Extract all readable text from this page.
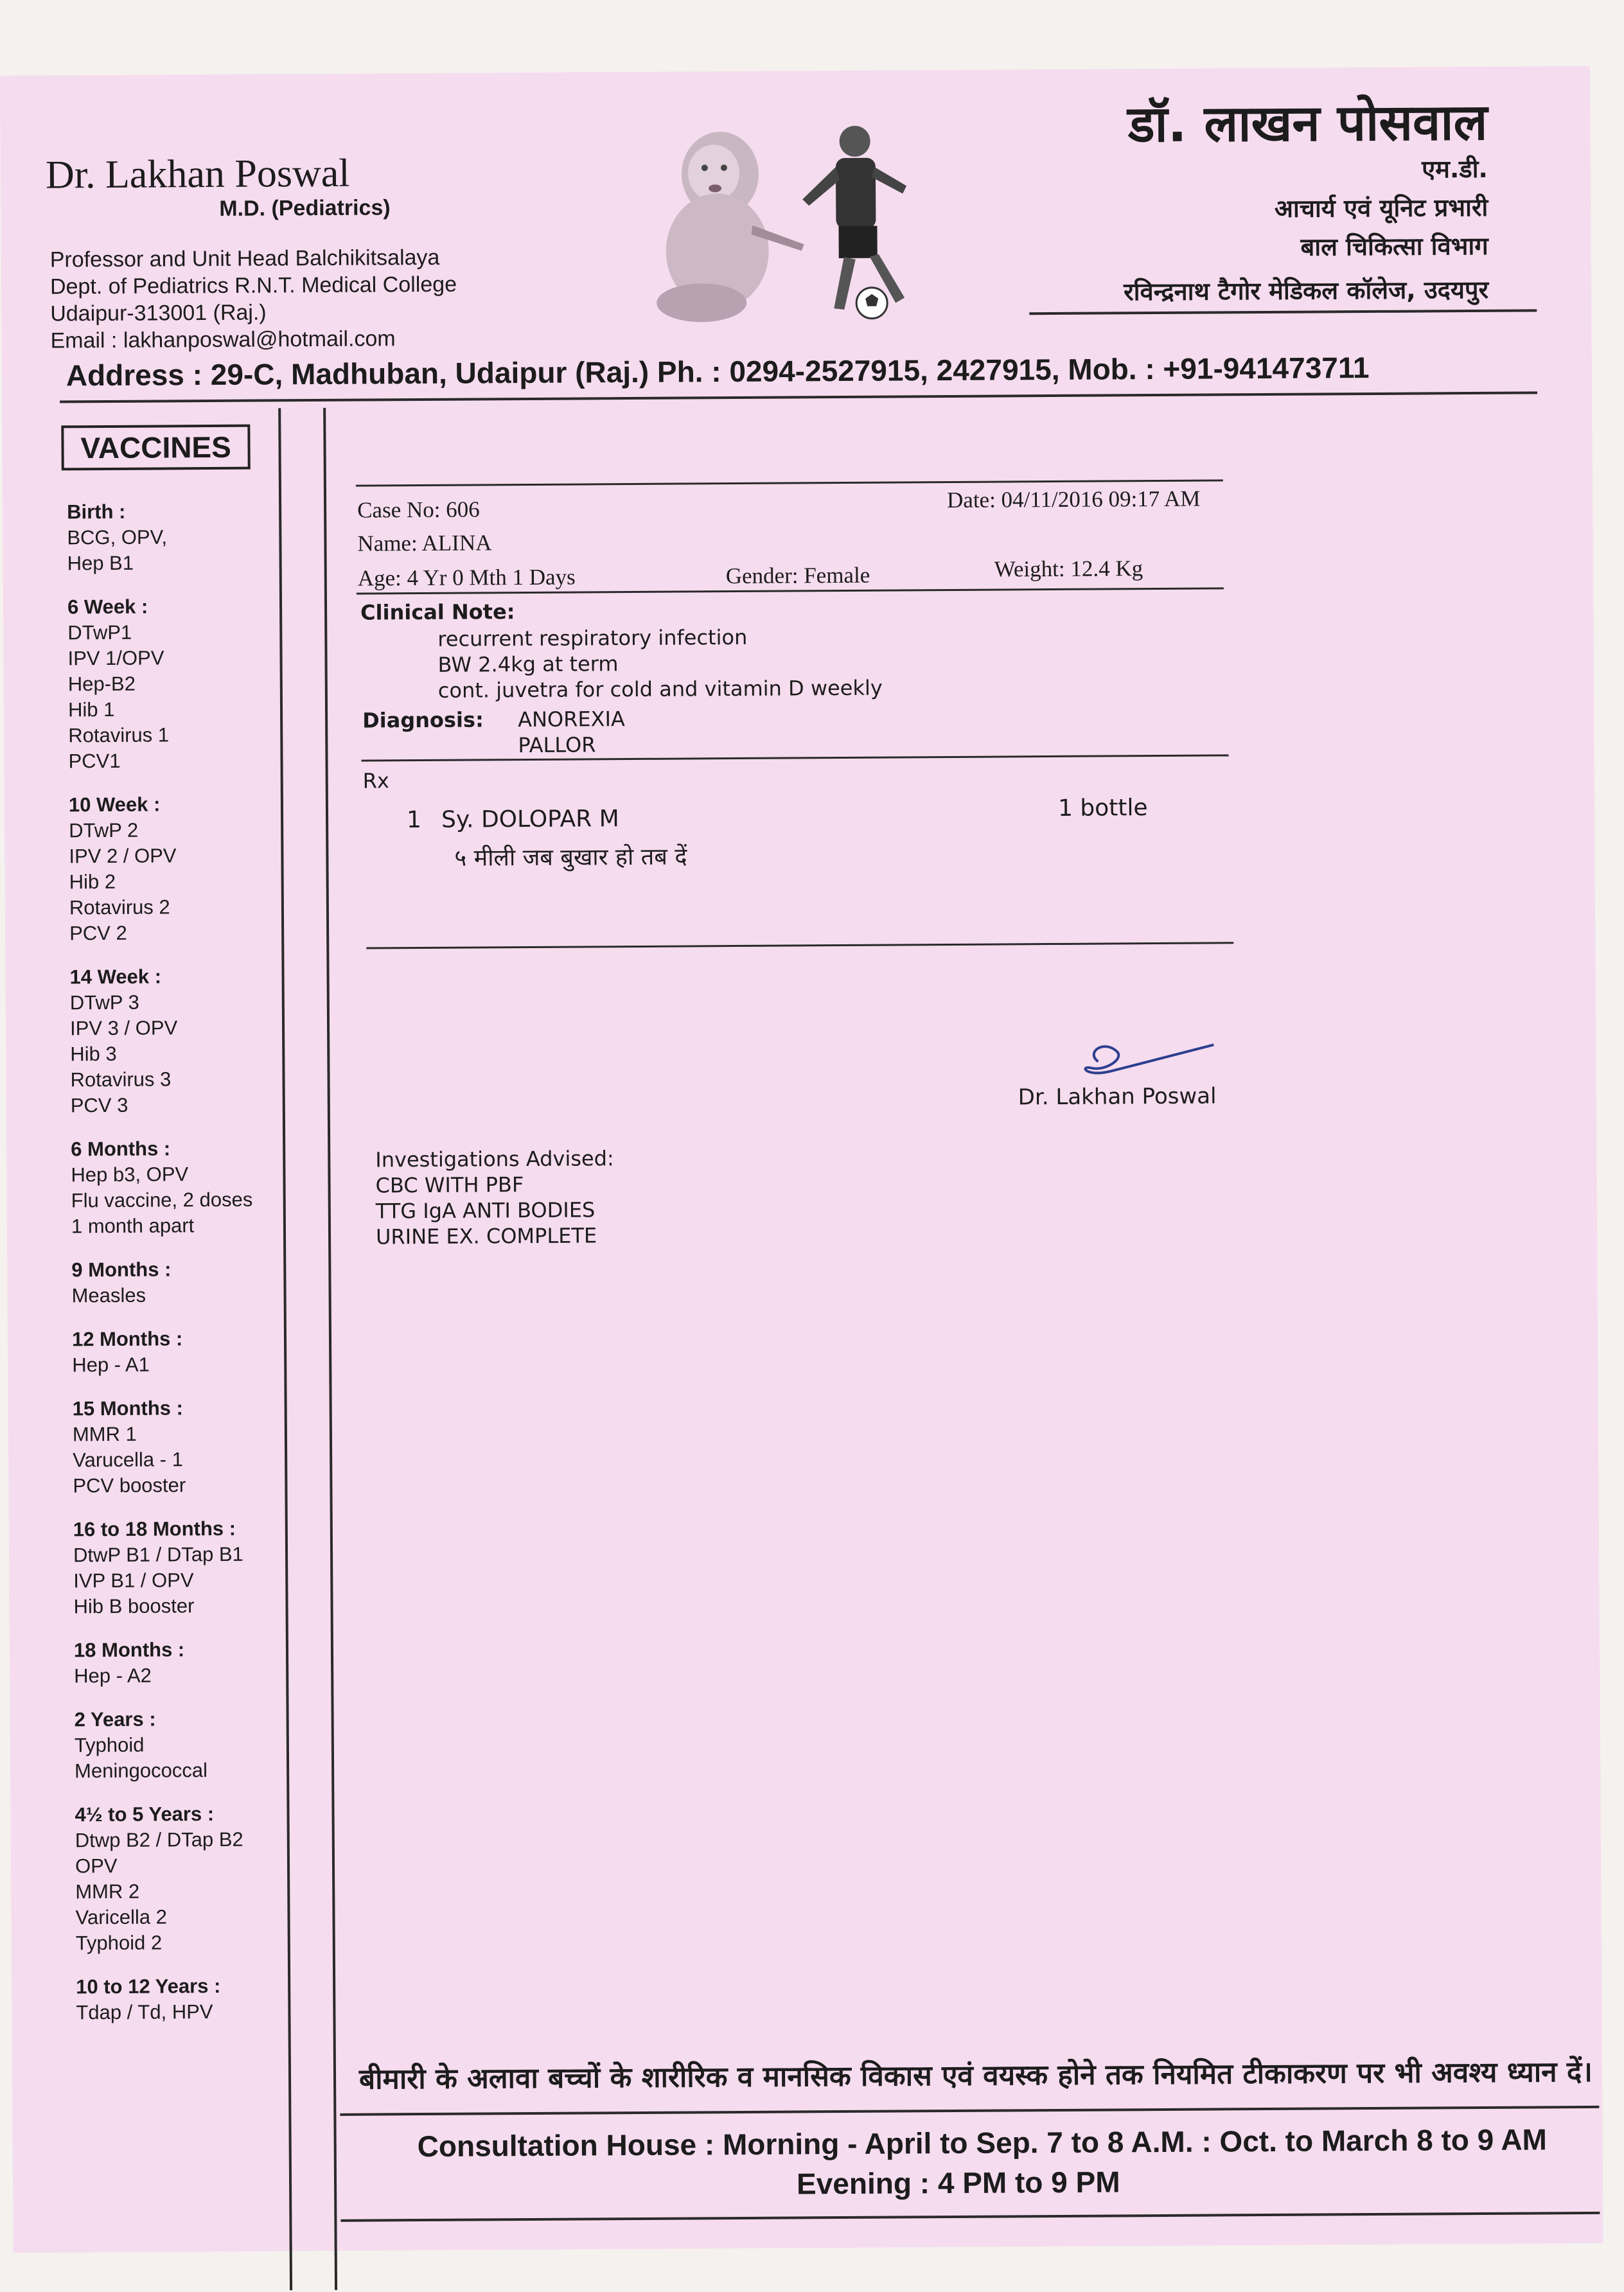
Dr. Lakhan Poswal
M.D. (Pediatrics)
Professor and Unit Head Balchikitsalaya
Dept. of Pediatrics R.N.T. Medical College
Udaipur-313001 (Raj.)
Email : lakhanposwal@hotmail.com
डॉ. लाखन पोसवाल
एम.डी.
आचार्य एवं यूनिट प्रभारी
बाल चिकित्सा विभाग
रविन्द्रनाथ टैगोर मेडिकल कॉलेज, उदयपुर
Address : 29-C, Madhuban, Udaipur (Raj.) Ph. : 0294-2527915, 2427915, Mob. : +91-941473711
VACCINES
Birth :
BCG, OPV,
Hep B1
6 Week :
DTwP1
IPV 1/OPV
Hep-B2
Hib 1
Rotavirus 1
PCV1
10 Week :
DTwP 2
IPV 2 / OPV
Hib 2
Rotavirus 2
PCV 2
14 Week :
DTwP 3
IPV 3 / OPV
Hib 3
Rotavirus 3
PCV 3
6 Months :
Hep b3, OPV
Flu vaccine, 2 doses
1 month apart
9 Months :
Measles
12 Months :
Hep - A1
15 Months :
MMR 1
Varucella - 1
PCV booster
16 to 18 Months :
DtwP B1 / DTap B1
IVP B1 / OPV
Hib B booster
18 Months :
Hep - A2
2 Years :
Typhoid
Meningococcal
4½ to 5 Years :
Dtwp B2 / DTap B2
OPV
MMR 2
Varicella 2
Typhoid 2
10 to 12 Years :
Tdap / Td, HPV
Case No: 606	Date: 04/11/2016 09:17 AM
Name: ALINA
Age: 4 Yr 0 Mth 1 Days	Gender: Female	Weight: 12.4 Kg
Clinical Note:
recurrent respiratory infection
BW 2.4kg at term
cont. juvetra for cold and vitamin D weekly
Diagnosis: ANOREXIA
PALLOR
Rx
1 Sy. DOLOPAR M	1 bottle
५ मीली जब बुखार हो तब दें
Dr. Lakhan Poswal
Investigations Advised:
CBC WITH PBF
TTG IgA ANTI BODIES
URINE EX. COMPLETE
बीमारी के अलावा बच्चों के शारीरिक व मानसिक विकास एवं वयस्क होने तक नियमित टीकाकरण पर भी अवश्य ध्यान दें।
Consultation House : Morning - April to Sep. 7 to 8 A.M. : Oct. to March 8 to 9 AM
Evening : 4 PM to 9 PM
